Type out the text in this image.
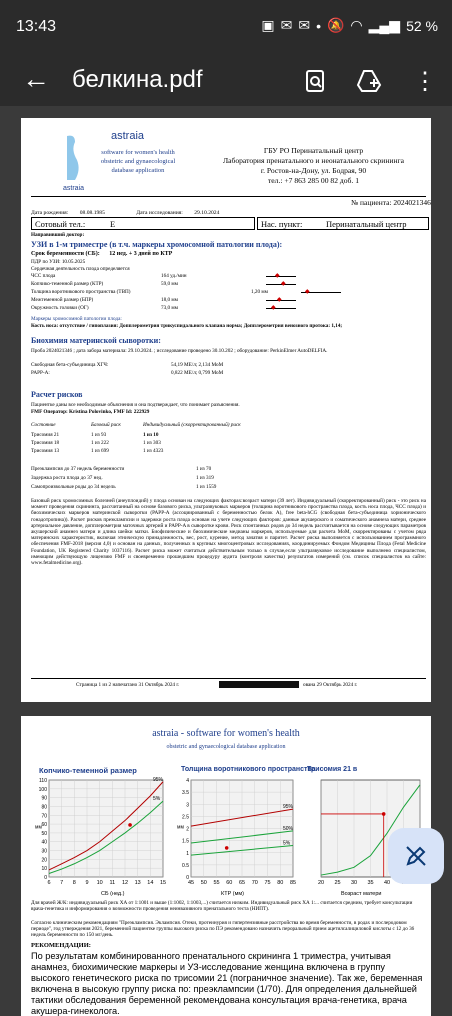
13:43	▣ ✉ ✉ • 🔕 ◠ ▂▄▆ 52 %
← белкина.pdf	⋮
astraia
astraia
software for women's health
obstetric and gynaecological
database application
ГБУ РО Перинатальный центр
Лаборатория пренатального и неонатального скрининга
г. Ростов-на-Дону, ул. Бодрая, 90
тел.: +7 863 285 00 82 доб. 1
№ пациента: 2024021346
Дата рождения: 08.08.1985	Дата исследования: 29.10.2024
Сотовый тел.:	E	Нас. пункт:	Перинатальный центр
Направивший доктор:
УЗИ в 1-м триместре (в т.ч. маркеры хромосомной патологии плода):
Срок беременности (СБ): 12 нед. + 3 дней по КТР
ПДР по УЗИ: 10.05.2025
Сердечная деятельность плода определяется
ЧСС плода	164 уд./мин	◆
Копчико-теменной размер (КТР)	59,0 мм	◆
Толщина воротникового пространства (ТВП)	1,20 мм	◆
Межтеменной размер (БПР)	18,0 мм	◆
Окружность головки (ОГ)	73,0 мм	◆
Маркеры хромосомной патологии плода:
Кость носа: отсутствие / гипоплазия: Допплерометрия трикуспидального клапана норма; Допплерометрия венозного протока: 1,14;
Биохимия материнской сыворотки:
Проба 2024021346 ; дата забора материала: 29.10.2024. ; исследование проведено 30.10.202 ; оборудование: PerkinElmer AutoDELFIA.
Свободная бета-субъединица ХГЧ:	54,19 МЕ/л; 2,134 МоМ
PAPP-A:	0,822 МЕ/л; 0,799 МоМ
Расчет рисков
Пациентке даны все необходимые объяснения и она подтверждает, что понимает разъяснения.
FMF Оператор: Kristina Polovinko, FMF Id: 222929
Состояние	Базовый риск	Индивидуальный (скорректированный) риск
Трисомия 21	1 из 93	1 из 10
Трисомия 18	1 из 222	1 из 303
Трисомия 13	1 из 699	1 из 4323
Преэклампсия до 37 недель беременности	1 из 70
Задержка роста плода до 37 нед.	1 из 319
Самопроизвольные роды до 34 недель	1 из 1559
Базовый риск хромосомных болезней (анеуплоидий) у плода основан на следующих факторах:возраст матери (39 лет). Индивидуальный (скорректированный) риск - это риск на момент проведения скрининга, рассчитанный на основе базового риска, ультразвуковых маркеров (толщина воротникового пространства плода, кость носа плода, ЧСС плода) и биохимических маркеров материнской сыворотки (PAPP-A (ассоциированный с беременностью белок А), free beta-hCG (свободная бета-субъединица хорионического гонадотропина)). Расчет рисков преэклампсии и задержки роста плода основан на учете следующих факторов: данные акушерского и соматического анамнеза матери, среднее артериальное давление, допплерометрия маточных артерий и PAPP-A в сыворотке крови. Риск спонтанных родов до 34 недель рассчитывается на основе следующих параметров акушерский анамнез матери и длина шейки матки. Биофизические и биохимические медианы маркеров, используемые для расчета MoM, скорректированы с учетом ряда материнских характеристик, включая этническую принадлежность, вес, рост, курение, метод зачатия и паритет. Расчет риска выполняется с использованием программного обеспечения FMF-2018 (версия 4,0) и основан на данных, полученных в крупных многоцентровых исследованиях, координируемых Фондом Медицины Плода (Fetal Medicine Foundation, UK Registered Charity 1037116). Расчет риска может считаться действительным только в случае,если ультразвуковое исследование выполнено специалистом, имеющим действующую лицензию FMF и своевременно прошедшим процедуру аудита (контроля качества) результатов измерений (см. список специалистов на сайте: www.fetalmedicine.org).
Страница 1 из 2 напечатано 31 Октябрь 2024 г.	ована 29 Октябрь 2024 г.
astraia - software for women's health
obstetric and gynaecological database application
Копчико-теменной размер
6 7 8 9 10 11 12 13 14 15
0
10
20
30
40
50
60
70
80
90
100
110
мм
95%
5%
СБ (нед.)
Толщина воротникового пространства
45 50 55 60 65 70 75 80 85
0
0.5
1
1.5
2
2.5
3
3.5
4
мм
95%
50%
5%
КТР (мм)
Трисомия 21 в
20 25 30 35 40
Возраст матери
Для врачей Ж/К: индивидуальный риск ХА от 1:1001 и выше (1:1002, 1:1003,...) считается низким. Индивидуальный риск ХА 1:... считается средним, требует консультации врача-генетика и информирования о возможности проведения неинвазивного пренатального теста (НИПТ).
Согласно клиническим рекомендациям "Преэклампсия. Эклампсия. Отеки, протеинурия и гипертензивные расстройства во время беременности, в родах и послеродовом периоде", год утверждения 2021, беременной пациентке группы высокого риска по ПЭ рекомендовано назначить пероральный прием ацетилсалициловой кислоты с 12 до 36 недель беременности по 150 мг/день.
РЕКОМЕНДАЦИИ:
По результатам комбинированного пренатального скрининга 1 триместра, учитывая анамнез, биохимические маркеры и УЗ-исследование женщина включена в группу высокого генетического риска по трисомии 21 (пограничное значение). Так же, беременная включена в высокую группу риска по: преэклампсии (1/70). Для определения дальнейшей тактики обследования беременной рекомендована консультация врача-генетика, врача акушера-гинеколога.
